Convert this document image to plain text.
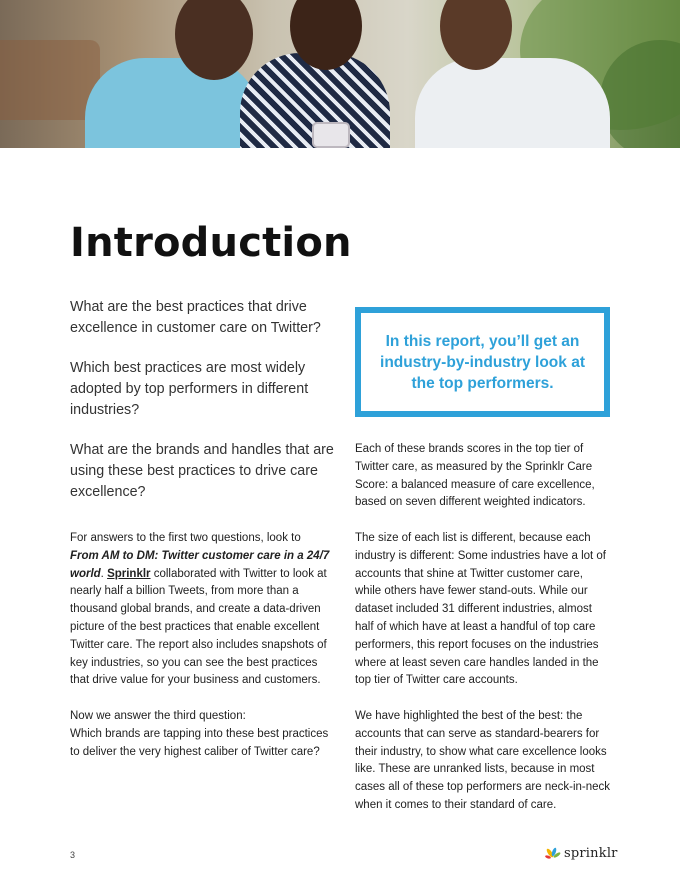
Introduction

What are the best practices that drive excellence in customer care on Twitter?

Which best practices are most widely adopted by top performers in different industries?

What are the brands and handles that are using these best practices to drive care excellence?

For answers to the first two questions, look to From AM to DM: Twitter customer care in a 24/7 world. Sprinklr collaborated with Twitter to look at nearly half a billion Tweets, from more than a thousand global brands, and create a data-driven picture of the best practices that enable excellent Twitter care. The report also includes snapshots of key industries, so you can see the best practices that drive value for your business and customers.

Now we answer the third question:
Which brands are tapping into these best practices to deliver the very highest caliber of Twitter care?

In this report, you’ll get an industry-by-industry look at the top performers.

Each of these brands scores in the top tier of Twitter care, as measured by the Sprinklr Care Score: a balanced measure of care excellence, based on seven different weighted indicators.

The size of each list is different, because each industry is different: Some industries have a lot of accounts that shine at Twitter customer care, while others have fewer stand-outs. While our dataset included 31 different industries, almost half of which have at least a handful of top care performers, this report focuses on the industries where at least seven care handles landed in the top tier of Twitter care accounts.

We have highlighted the best of the best: the accounts that can serve as standard-bearers for their industry, to show what care excellence looks like. These are unranked lists, because in most cases all of these top performers are neck-in-neck when it comes to their standard of care.

3	sprinklr
